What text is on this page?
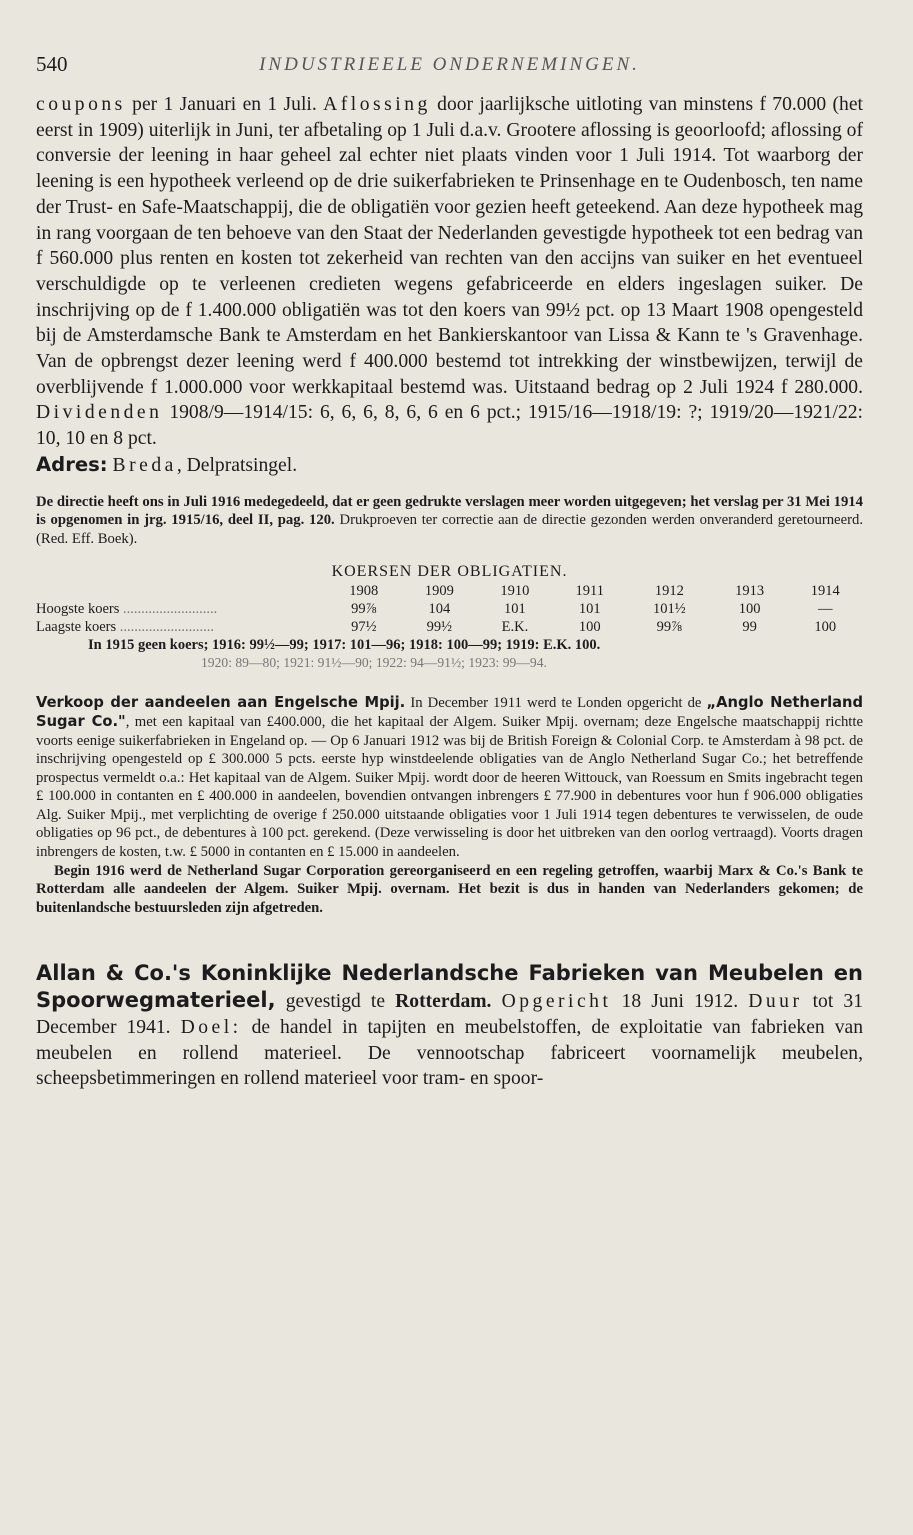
540	INDUSTRIEELE ONDERNEMINGEN.

coupons per 1 Januari en 1 Juli. Aflossing door jaarlijksche uitloting van minstens f 70.000 (het eerst in 1909) uiterlijk in Juni, ter afbetaling op 1 Juli d.a.v. Grootere aflossing is geoorloofd; aflossing of conversie der leening in haar geheel zal echter niet plaats vinden voor 1 Juli 1914. Tot waarborg der leening is een hypotheek verleend op de drie suikerfabrieken te Prinsenhage en te Oudenbosch, ten name der Trust- en Safe-Maatschappij, die de obligatiën voor gezien heeft geteekend. Aan deze hypotheek mag in rang voorgaan de ten behoeve van den Staat der Nederlanden gevestigde hypotheek tot een bedrag van f 560.000 plus renten en kosten tot zekerheid van rechten van den accijns van suiker en het eventueel verschuldigde op te verleenen credieten wegens gefabriceerde en elders ingeslagen suiker. De inschrijving op de f 1.400.000 obligatiën was tot den koers van 99½ pct. op 13 Maart 1908 opengesteld bij de Amsterdamsche Bank te Amsterdam en het Bankierskantoor van Lissa & Kann te 's Gravenhage. Van de opbrengst dezer leening werd f 400.000 bestemd tot intrekking der winstbewijzen, terwijl de overblijvende f 1.000.000 voor werkkapitaal bestemd was. Uitstaand bedrag op 2 Juli 1924 f 280.000. Dividenden 1908/9—1914/15: 6, 6, 6, 8, 6, 6 en 6 pct.; 1915/16—1918/19: ?; 1919/20—1921/22: 10, 10 en 8 pct.
Adres: Breda, Delpratsingel.

De directie heeft ons in Juli 1916 medegedeeld, dat er geen gedrukte verslagen meer worden uitgegeven; het verslag per 31 Mei 1914 is opgenomen in jrg. 1915/16, deel II, pag. 120. Drukproeven ter correctie aan de directie gezonden werden onveranderd geretourneerd. (Red. Eff. Boek).

KOERSEN DER OBLIGATIEN.
	1908	1909	1910	1911	1912	1913	1914
Hoogste koers ..........................	99⅞	104	101	101	101½	100	—
Laagste koers ..........................	97½	99½	E.K.	100	99⅞	99	100
In 1915 geen koers; 1916: 99½—99; 1917: 101—96; 1918: 100—99; 1919: E.K. 100.
1920: 89—80; 1921: 91½—90; 1922: 94—91½; 1923: 99—94.

Verkoop der aandeelen aan Engelsche Mpij. In December 1911 werd te Londen opgericht de „Anglo Netherland Sugar Co.", met een kapitaal van £400.000, die het kapitaal der Algem. Suiker Mpij. overnam; deze Engelsche maatschappij richtte voorts eenige suikerfabrieken in Engeland op. — Op 6 Januari 1912 was bij de British Foreign & Colonial Corp. te Amsterdam à 98 pct. de inschrijving opengesteld op £ 300.000 5 pcts. eerste hyp winstdeelende obligaties van de Anglo Netherland Sugar Co.; het betreffende prospectus vermeldt o.a.: Het kapitaal van de Algem. Suiker Mpij. wordt door de heeren Wittouck, van Roessum en Smits ingebracht tegen £ 100.000 in contanten en £ 400.000 in aandeelen, bovendien ontvangen inbrengers £ 77.900 in debentures voor hun f 906.000 obligaties Alg. Suiker Mpij., met verplichting de overige f 250.000 uitstaande obligaties voor 1 Juli 1914 tegen debentures te verwisselen, de oude obligaties op 96 pct., de debentures à 100 pct. gerekend. (Deze verwisseling is door het uitbreken van den oorlog vertraagd). Voorts dragen inbrengers de kosten, t.w. £ 5000 in contanten en £ 15.000 in aandeelen.

Begin 1916 werd de Netherland Sugar Corporation gereorganiseerd en een regeling getroffen, waarbij Marx & Co.'s Bank te Rotterdam alle aandeelen der Algem. Suiker Mpij. overnam. Het bezit is dus in handen van Nederlanders gekomen; de buitenlandsche bestuursleden zijn afgetreden.

Allan & Co.'s Koninklijke Nederlandsche Fabrieken van Meubelen en Spoorwegmaterieel, gevestigd te Rotterdam. Opgericht 18 Juni 1912. Duur tot 31 December 1941. Doel: de handel in tapijten en meubelstoffen, de exploitatie van fabrieken van meubelen en rollend materieel. De vennootschap fabriceert voornamelijk meubelen, scheepsbetimmeringen en rollend materieel voor tram- en spoor-
